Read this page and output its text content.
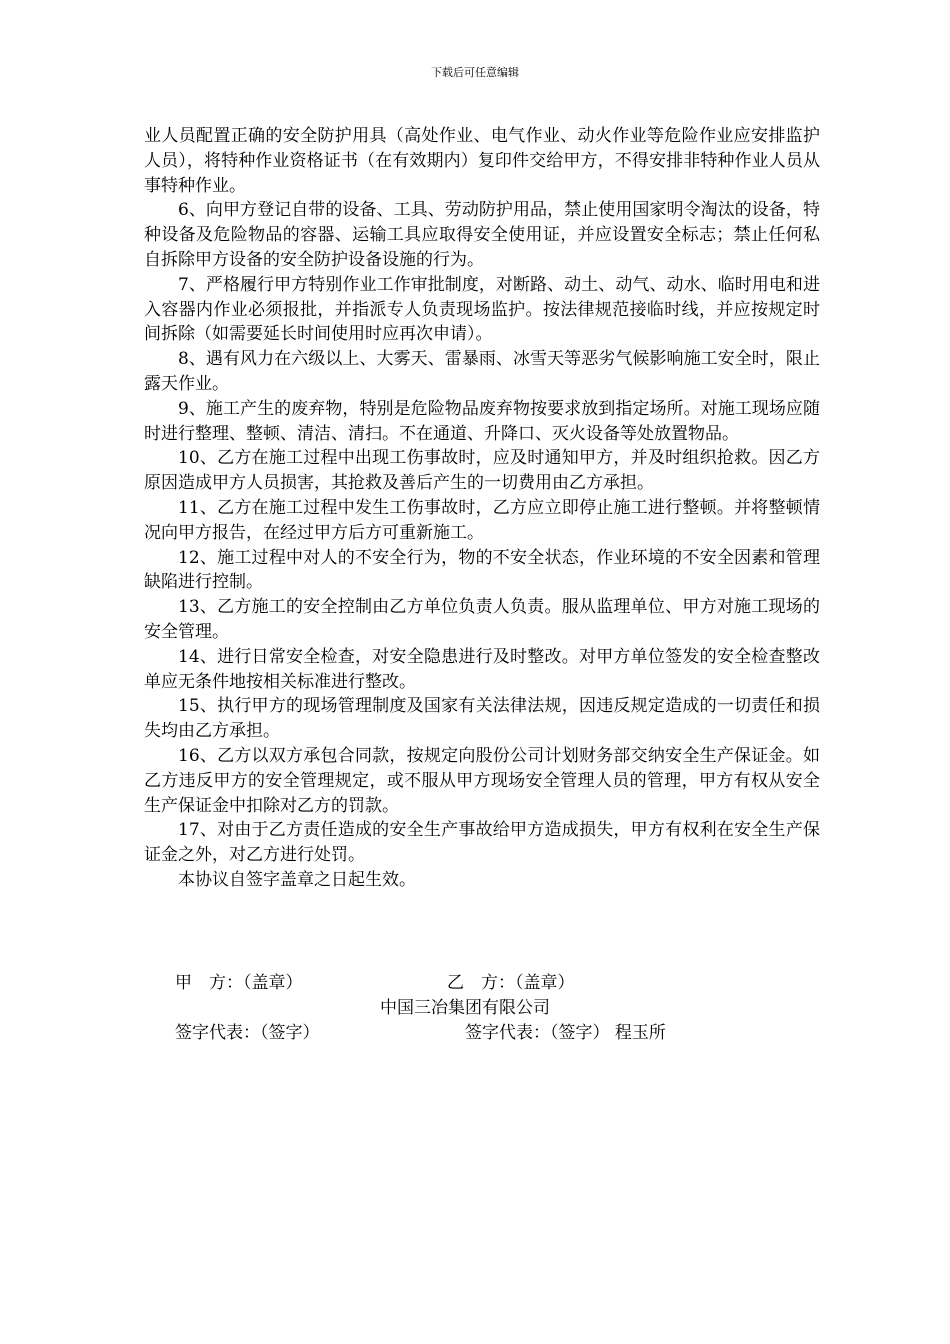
下载后可任意编辑

业人员配置正确的安全防护用具（高处作业、电气作业、动火作业等危险作业应安排监护人员），将特种作业资格证书（在有效期内）复印件交给甲方，不得安排非特种作业人员从事特种作业。

6、向甲方登记自带的设备、工具、劳动防护用品，禁止使用国家明令淘汰的设备，特种设备及危险物品的容器、运输工具应取得安全使用证，并应设置安全标志；禁止任何私自拆除甲方设备的安全防护设备设施的行为。

7、严格履行甲方特别作业工作审批制度，对断路、动土、动气、动水、临时用电和进入容器内作业必须报批，并指派专人负责现场监护。按法律规范接临时线，并应按规定时间拆除（如需要延长时间使用时应再次申请）。

8、遇有风力在六级以上、大雾天、雷暴雨、冰雪天等恶劣气候影响施工安全时，限止露天作业。

9、施工产生的废弃物，特别是危险物品废弃物按要求放到指定场所。对施工现场应随时进行整理、整顿、清洁、清扫。不在通道、升降口、灭火设备等处放置物品。

10、乙方在施工过程中出现工伤事故时，应及时通知甲方，并及时组织抢救。因乙方原因造成甲方人员损害，其抢救及善后产生的一切费用由乙方承担。

11、乙方在施工过程中发生工伤事故时，乙方应立即停止施工进行整顿。并将整顿情况向甲方报告，在经过甲方后方可重新施工。

12、施工过程中对人的不安全行为，物的不安全状态，作业环境的不安全因素和管理缺陷进行控制。

13、乙方施工的安全控制由乙方单位负责人负责。服从监理单位、甲方对施工现场的安全管理。

14、进行日常安全检查，对安全隐患进行及时整改。对甲方单位签发的安全检查整改单应无条件地按相关标准进行整改。

15、执行甲方的现场管理制度及国家有关法律法规，因违反规定造成的一切责任和损失均由乙方承担。

16、乙方以双方承包合同款，按规定向股份公司计划财务部交纳安全生产保证金。如乙方违反甲方的安全管理规定，或不服从甲方现场安全管理人员的管理，甲方有权从安全生产保证金中扣除对乙方的罚款。

17、对由于乙方责任造成的安全生产事故给甲方造成损失，甲方有权利在安全生产保证金之外，对乙方进行处罚。

本协议自签字盖章之日起生效。

甲　方：（盖章）	乙　方：（盖章）
中国三冶集团有限公司
签字代表：（签字）	签字代表：（签字） 程玉所
